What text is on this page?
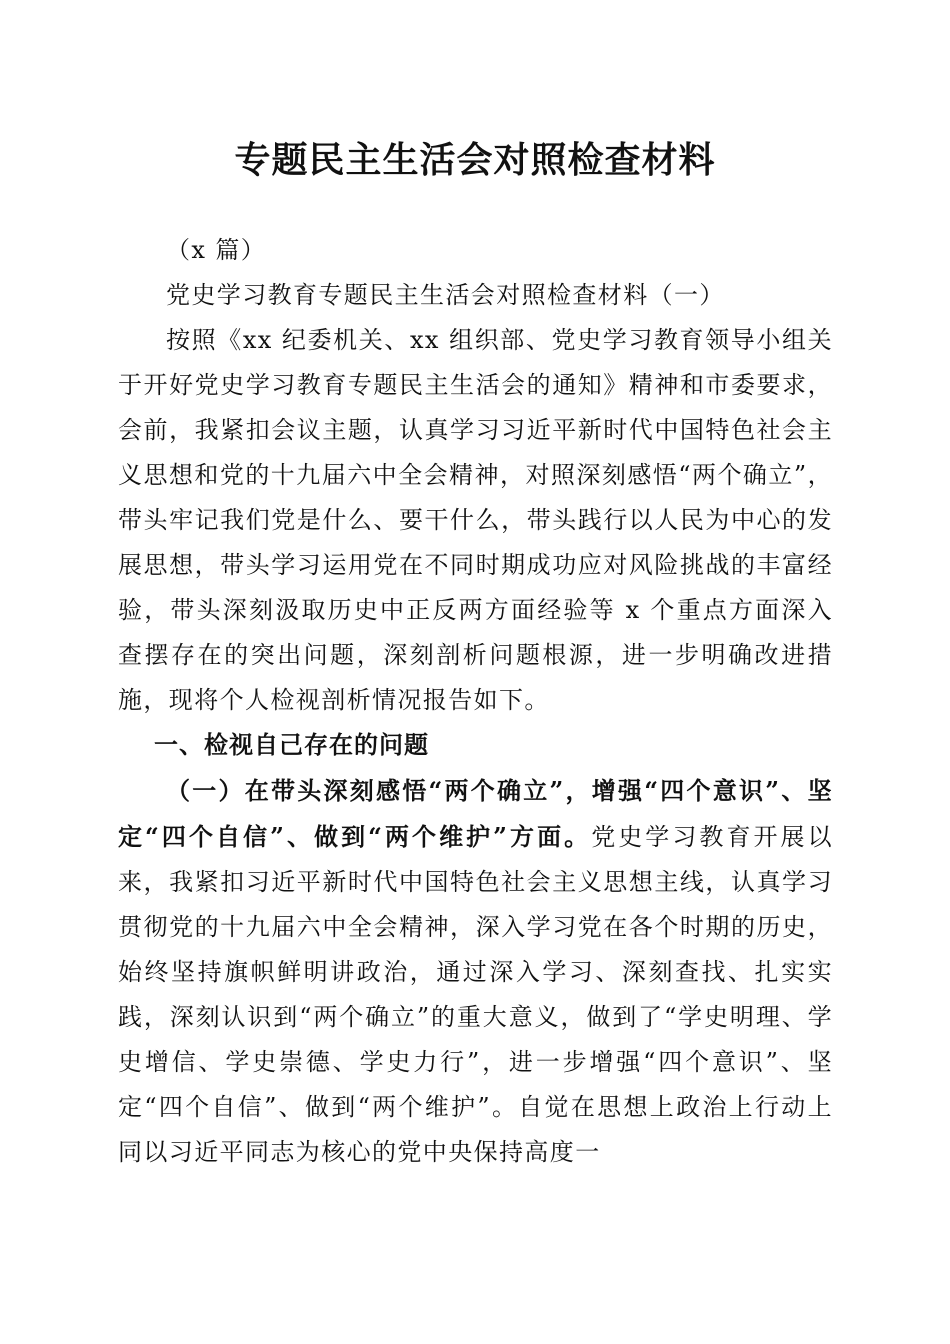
专题民主生活会对照检查材料

（x 篇）

党史学习教育专题民主生活会对照检查材料（一）

按照《xx 纪委机关、xx 组织部、党史学习教育领导小组关于开好党史学习教育专题民主生活会的通知》精神和市委要求，会前，我紧扣会议主题，认真学习习近平新时代中国特色社会主义思想和党的十九届六中全会精神，对照深刻感悟“两个确立”，带头牢记我们党是什么、要干什么，带头践行以人民为中心的发展思想，带头学习运用党在不同时期成功应对风险挑战的丰富经验，带头深刻汲取历史中正反两方面经验等 x 个重点方面深入查摆存在的突出问题，深刻剖析问题根源，进一步明确改进措施，现将个人检视剖析情况报告如下。

一、检视自己存在的问题

（一）在带头深刻感悟“两个确立”，增强“四个意识”、坚定“四个自信”、做到“两个维护”方面。党史学习教育开展以来，我紧扣习近平新时代中国特色社会主义思想主线，认真学习贯彻党的十九届六中全会精神，深入学习党在各个时期的历史，始终坚持旗帜鲜明讲政治，通过深入学习、深刻查找、扎实实践，深刻认识到“两个确立”的重大意义，做到了“学史明理、学史增信、学史崇德、学史力行”，进一步增强“四个意识”、坚定“四个自信”、做到“两个维护”。自觉在思想上政治上行动上同以习近平同志为核心的党中央保持高度一
